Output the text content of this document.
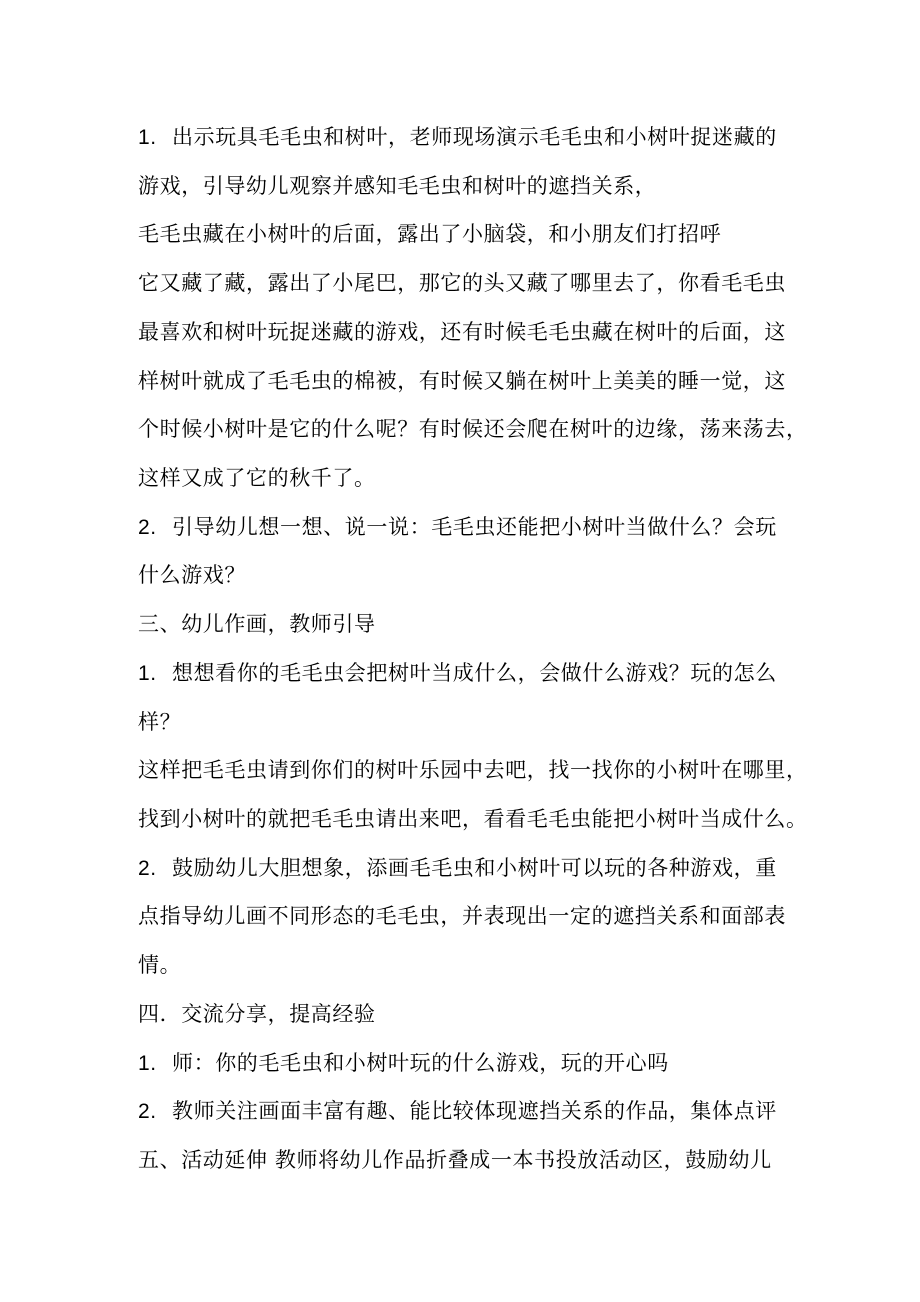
1. 出示玩具毛毛虫和树叶，老师现场演示毛毛虫和小树叶捉迷藏的
游戏，引导幼儿观察并感知毛毛虫和树叶的遮挡关系，
毛毛虫藏在小树叶的后面，露出了小脑袋，和小朋友们打招呼
它又藏了藏，露出了小尾巴，那它的头又藏了哪里去了，你看毛毛虫
最喜欢和树叶玩捉迷藏的游戏，还有时候毛毛虫藏在树叶的后面，这
样树叶就成了毛毛虫的棉被，有时候又躺在树叶上美美的睡一觉，这
个时候小树叶是它的什么呢？有时候还会爬在树叶的边缘，荡来荡去，
这样又成了它的秋千了。
2. 引导幼儿想一想、说一说：毛毛虫还能把小树叶当做什么？会玩
什么游戏？
三、幼儿作画，教师引导
1. 想想看你的毛毛虫会把树叶当成什么，会做什么游戏？玩的怎么
样？
这样把毛毛虫请到你们的树叶乐园中去吧，找一找你的小树叶在哪里，
找到小树叶的就把毛毛虫请出来吧，看看毛毛虫能把小树叶当成什么。
2. 鼓励幼儿大胆想象，添画毛毛虫和小树叶可以玩的各种游戏，重
点指导幼儿画不同形态的毛毛虫，并表现出一定的遮挡关系和面部表
情。
四．交流分享，提高经验
1. 师：你的毛毛虫和小树叶玩的什么游戏，玩的开心吗
2. 教师关注画面丰富有趣、能比较体现遮挡关系的作品，集体点评
五、活动延伸 教师将幼儿作品折叠成一本书投放活动区，鼓励幼儿
